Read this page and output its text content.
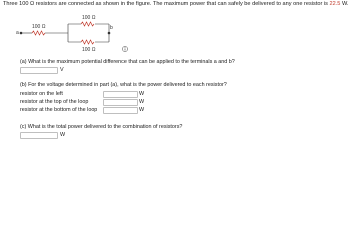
Three 100 Ω resistors are connected as shown in the figure. The maximum power that can safely be delivered to any one resistor is 22.5 W.
a
100 Ω
100 Ω
100 Ω
b
(a) What is the maximum potential difference that can be applied to the terminals a and b?
V
(b) For the voltage determined in part (a), what is the power delivered to each resistor?
resistor on the left	W
resistor at the top of the loop	W
resistor at the bottom of the loop	W
(c) What is the total power delivered to the combination of resistors?
W
